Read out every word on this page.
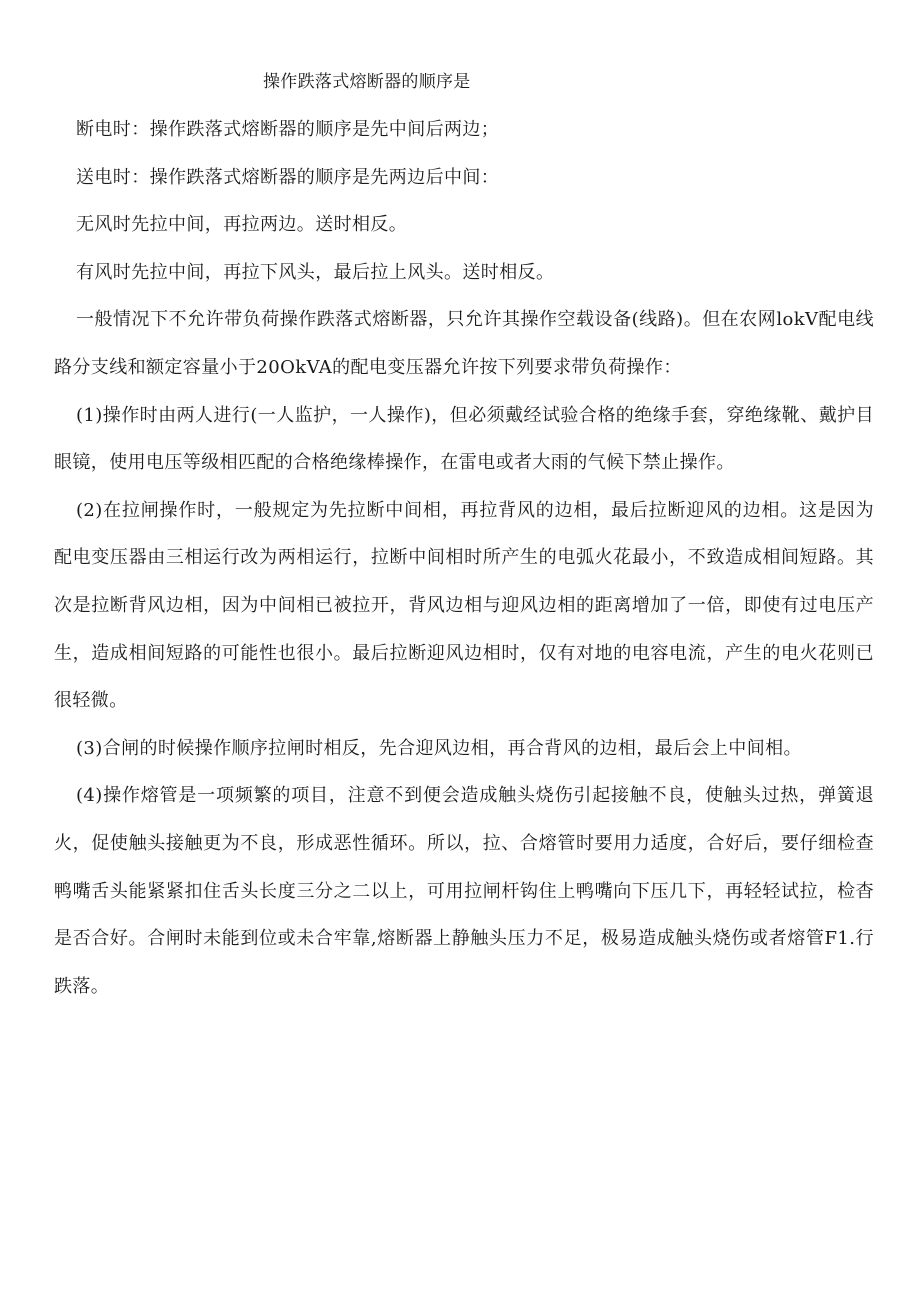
操作跌落式熔断器的顺序是

断电时：操作跌落式熔断器的顺序是先中间后两边；

送电时：操作跌落式熔断器的顺序是先两边后中间：

无风时先拉中间，再拉两边。送时相反。

有风时先拉中间，再拉下风头，最后拉上风头。送时相反。

一般情况下不允许带负荷操作跌落式熔断器，只允许其操作空载设备(线路)。但在农网lokV配电线路分支线和额定容量小于20OkVA的配电变压器允许按下列要求带负荷操作：

(1)操作时由两人进行(一人监护，一人操作)，但必须戴经试验合格的绝缘手套，穿绝缘靴、戴护目眼镜，使用电压等级相匹配的合格绝缘棒操作，在雷电或者大雨的气候下禁止操作。

(2)在拉闸操作时，一般规定为先拉断中间相，再拉背风的边相，最后拉断迎风的边相。这是因为配电变压器由三相运行改为两相运行，拉断中间相时所产生的电弧火花最小，不致造成相间短路。其次是拉断背风边相，因为中间相已被拉开，背风边相与迎风边相的距离增加了一倍，即使有过电压产生，造成相间短路的可能性也很小。最后拉断迎风边相时，仅有对地的电容电流，产生的电火花则已很轻微。

(3)合闸的时候操作顺序拉闸时相反，先合迎风边相，再合背风的边相，最后会上中间相。

(4)操作熔管是一项频繁的项目，注意不到便会造成触头烧伤引起接触不良，使触头过热，弹簧退火，促使触头接触更为不良，形成恶性循环。所以，拉、合熔管时要用力适度，合好后，要仔细检查鸭嘴舌头能紧紧扣住舌头长度三分之二以上，可用拉闸杆钩住上鸭嘴向下压几下，再轻轻试拉，检杳是否合好。合闸时未能到位或未合牢靠,熔断器上静触头压力不足，极易造成触头烧伤或者熔管F1.行跌落。
